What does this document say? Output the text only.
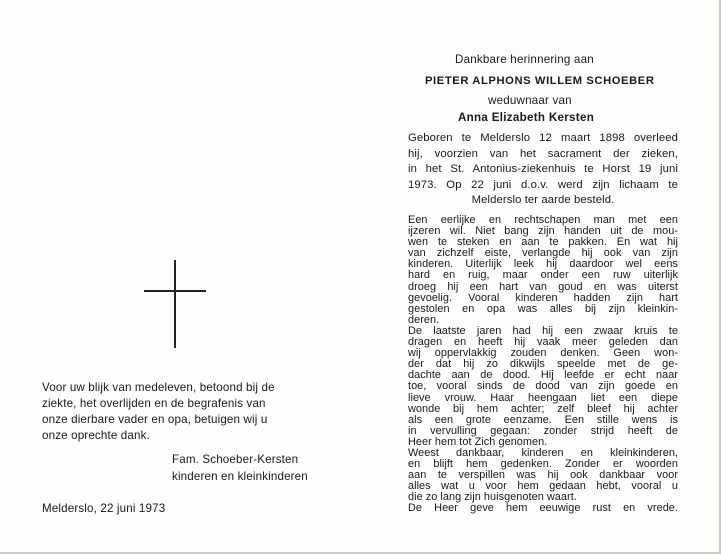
Voor uw blijk van medeleven, betoond bij de
ziekte, het overlijden en de begrafenis van
onze dierbare vader en opa, betuigen wij u
onze oprechte dank.
Fam. Schoeber-Kersten
kinderen en kleinkinderen
Melderslo, 22 juni 1973
Dankbare herinnering aan
PIETER ALPHONS WILLEM SCHOEBER
weduwnaar van
Anna Elizabeth Kersten
Geboren te Melderslo 12 maart 1898 overleed
hij, voorzien van het sacrament der zieken,
in het St. Antonius-ziekenhuis te Horst 19 juni
1973. Op 22 juni d.o.v. werd zijn lichaam te
Melderslo ter aarde besteld.
Een eerlijke en rechtschapen man met een
ijzeren wil. Niet bang zijn handen uit de mou-
wen te steken en aan te pakken. En wat hij
van zichzelf eiste, verlangde hij ook van zijn
kinderen. Uiterlijk leek hij daardoor wel eens
hard en ruig, maar onder een ruw uiterlijk
droeg hij een hart van goud en was uiterst
gevoelig. Vooral kinderen hadden zijn hart
gestolen en opa was alles bij zijn kleinkin-
deren.
De laatste jaren had hij een zwaar kruis te
dragen en heeft hij vaak meer geleden dan
wij oppervlakkig zouden denken. Geen won-
der dat hij zo dikwijls speelde met de ge-
dachte aan de dood. Hij leefde er echt naar
toe, vooral sinds de dood van zijn goede en
lieve vrouw. Haar heengaan liet een diepe
wonde bij hem achter; zelf bleef hij achter
als een grote eenzame. Een stille wens is
in vervulling gegaan: zonder strijd heeft de
Heer hem tot Zich genomen.
Weest dankbaar, kinderen en kleinkinderen,
en blijft hem gedenken. Zonder er woorden
aan te verspillen was hij ook dankbaar voor
alles wat u voor hem gedaan hebt, vooral u
die zo lang zijn huisgenoten waart.
De Heer geve hem eeuwige rust en vrede.
